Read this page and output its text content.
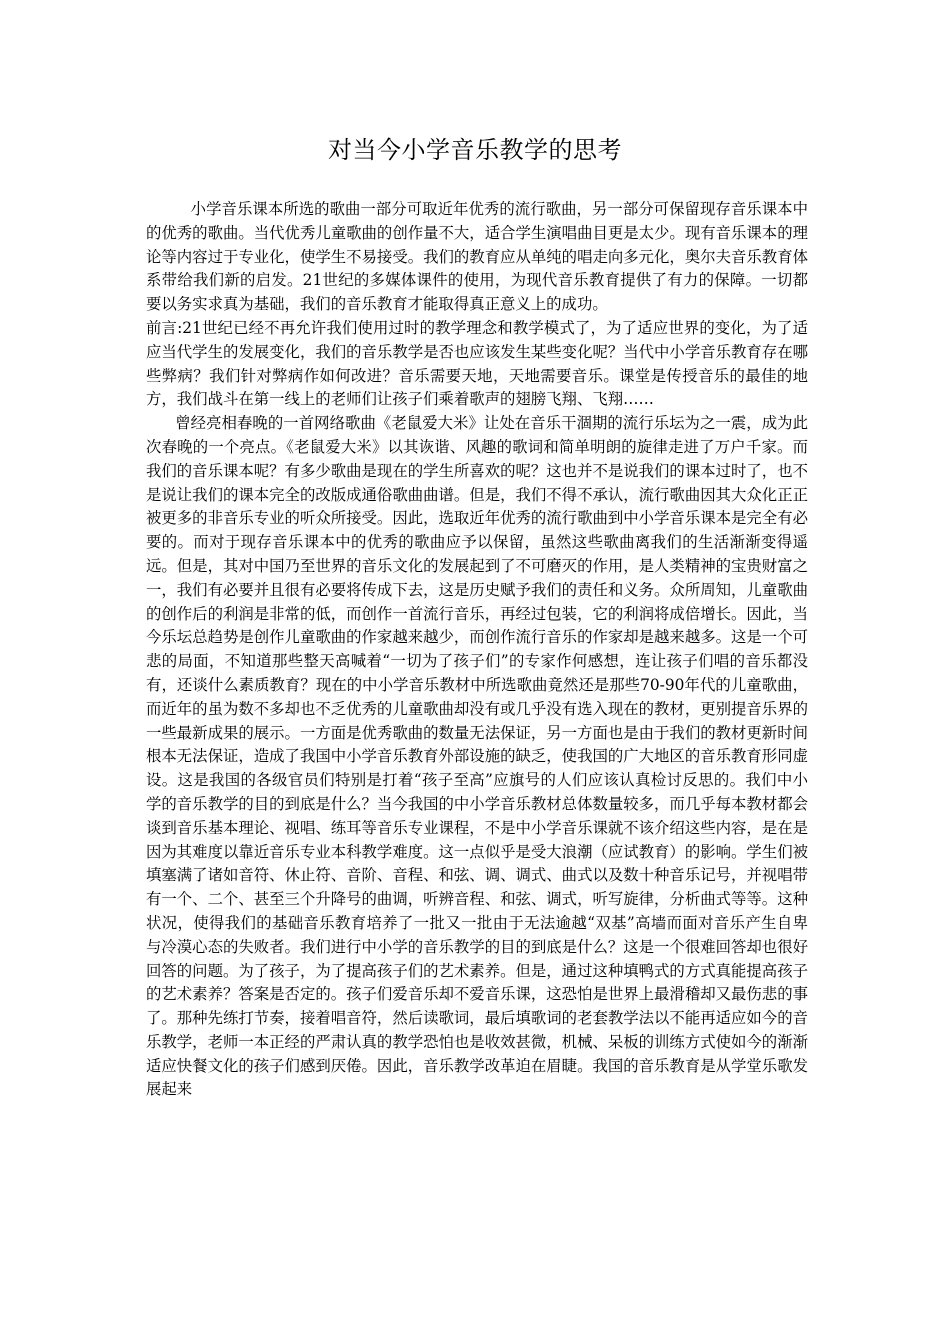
对当今小学音乐教学的思考

小学音乐课本所选的歌曲一部分可取近年优秀的流行歌曲，另一部分可保留现存音乐课本中的优秀的歌曲。当代优秀儿童歌曲的创作量不大，适合学生演唱曲目更是太少。现有音乐课本的理论等内容过于专业化，使学生不易接受。我们的教育应从单纯的唱走向多元化，奥尔夫音乐教育体系带给我们新的启发。21世纪的多媒体课件的使用，为现代音乐教育提供了有力的保障。一切都要以务实求真为基础，我们的音乐教育才能取得真正意义上的成功。

前言:21世纪已经不再允许我们使用过时的教学理念和教学模式了，为了适应世界的变化，为了适应当代学生的发展变化，我们的音乐教学是否也应该发生某些变化呢？当代中小学音乐教育存在哪些弊病？我们针对弊病作如何改进？音乐需要天地，天地需要音乐。课堂是传授音乐的最佳的地方，我们战斗在第一线上的老师们让孩子们乘着歌声的翅膀飞翔、飞翔……

曾经亮相春晚的一首网络歌曲《老鼠爱大米》让处在音乐干涸期的流行乐坛为之一震，成为此次春晚的一个亮点。《老鼠爱大米》以其诙谐、风趣的歌词和简单明朗的旋律走进了万户千家。而我们的音乐课本呢？有多少歌曲是现在的学生所喜欢的呢？这也并不是说我们的课本过时了，也不是说让我们的课本完全的改版成通俗歌曲曲谱。但是，我们不得不承认，流行歌曲因其大众化正正被更多的非音乐专业的听众所接受。因此，选取近年优秀的流行歌曲到中小学音乐课本是完全有必要的。而对于现存音乐课本中的优秀的歌曲应予以保留，虽然这些歌曲离我们的生活渐渐变得遥远。但是，其对中国乃至世界的音乐文化的发展起到了不可磨灭的作用，是人类精神的宝贵财富之一，我们有必要并且很有必要将传成下去，这是历史赋予我们的责任和义务。众所周知，儿童歌曲的创作后的利润是非常的低，而创作一首流行音乐，再经过包装，它的利润将成倍增长。因此，当今乐坛总趋势是创作儿童歌曲的作家越来越少，而创作流行音乐的作家却是越来越多。这是一个可悲的局面，不知道那些整天高喊着“一切为了孩子们”的专家作何感想，连让孩子们唱的音乐都没有，还谈什么素质教育？现在的中小学音乐教材中所选歌曲竟然还是那些70-90年代的儿童歌曲，而近年的虽为数不多却也不乏优秀的儿童歌曲却没有或几乎没有选入现在的教材，更别提音乐界的一些最新成果的展示。一方面是优秀歌曲的数量无法保证，另一方面也是由于我们的教材更新时间根本无法保证，造成了我国中小学音乐教育外部设施的缺乏，使我国的广大地区的音乐教育形同虚设。这是我国的各级官员们特别是打着“孩子至高”应旗号的人们应该认真检讨反思的。我们中小学的音乐教学的目的到底是什么？当今我国的中小学音乐教材总体数量较多，而几乎每本教材都会谈到音乐基本理论、视唱、练耳等音乐专业课程，不是中小学音乐课就不该介绍这些内容，是在是因为其难度以靠近音乐专业本科教学难度。这一点似乎是受大浪潮（应试教育）的影响。学生们被填塞满了诸如音符、休止符、音阶、音程、和弦、调、调式、曲式以及数十种音乐记号，并视唱带有一个、二个、甚至三个升降号的曲调，听辨音程、和弦、调式，听写旋律，分析曲式等等。这种状况，使得我们的基础音乐教育培养了一批又一批由于无法逾越“双基”高墙而面对音乐产生自卑与冷漠心态的失败者。我们进行中小学的音乐教学的目的到底是什么？这是一个很难回答却也很好回答的问题。为了孩子，为了提高孩子们的艺术素养。但是，通过这种填鸭式的方式真能提高孩子的艺术素养？答案是否定的。孩子们爱音乐却不爱音乐课，这恐怕是世界上最滑稽却又最伤悲的事了。那种先练打节奏，接着唱音符，然后读歌词，最后填歌词的老套教学法以不能再适应如今的音乐教学，老师一本正经的严肃认真的教学恐怕也是收效甚微，机械、呆板的训练方式使如今的渐渐适应快餐文化的孩子们感到厌倦。因此，音乐教学改革迫在眉睫。我国的音乐教育是从学堂乐歌发展起来
